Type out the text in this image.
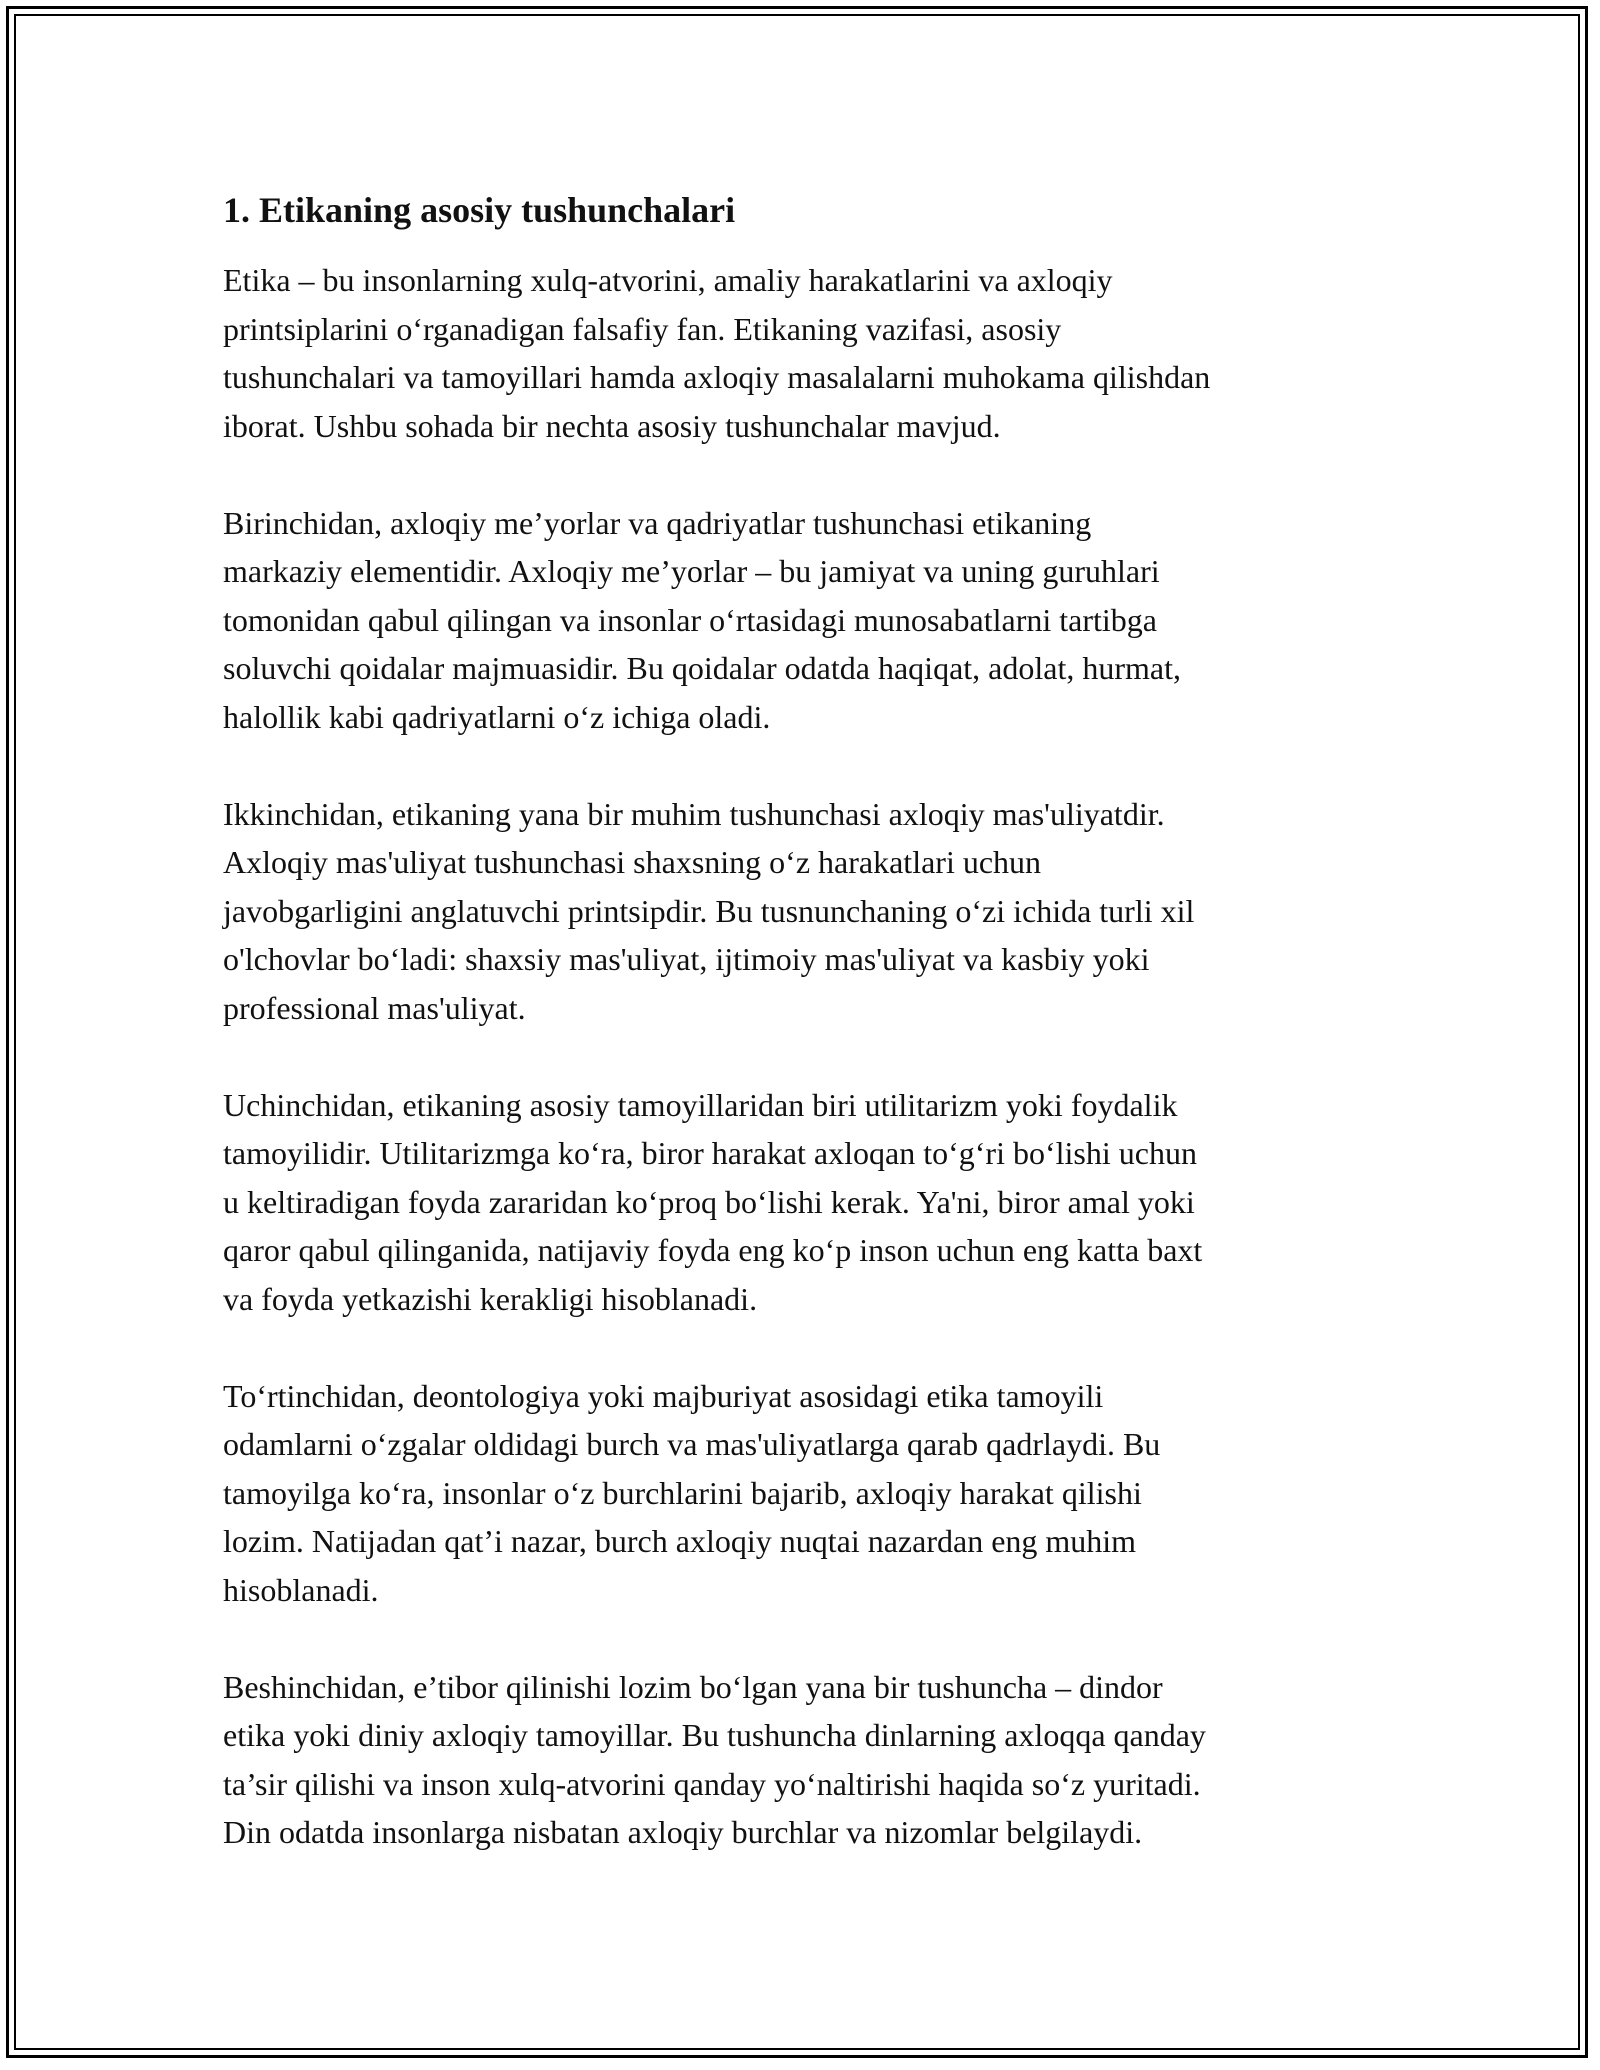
1. Etikaning asosiy tushunchalari
Etika – bu insonlarning xulq-atvorini, amaliy harakatlarini va axloqiy
printsiplarini o‘rganadigan falsafiy fan. Etikaning vazifasi, asosiy
tushunchalari va tamoyillari hamda axloqiy masalalarni muhokama qilishdan
iborat. Ushbu sohada bir nechta asosiy tushunchalar mavjud.
Birinchidan, axloqiy me’yorlar va qadriyatlar tushunchasi etikaning
markaziy elementidir. Axloqiy me’yorlar – bu jamiyat va uning guruhlari
tomonidan qabul qilingan va insonlar o‘rtasidagi munosabatlarni tartibga
soluvchi qoidalar majmuasidir. Bu qoidalar odatda haqiqat, adolat, hurmat,
halollik kabi qadriyatlarni o‘z ichiga oladi.
Ikkinchidan, etikaning yana bir muhim tushunchasi axloqiy mas'uliyatdir.
Axloqiy mas'uliyat tushunchasi shaxsning o‘z harakatlari uchun
javobgarligini anglatuvchi printsipdir. Bu tusnunchaning o‘zi ichida turli xil
o'lchovlar bo‘ladi: shaxsiy mas'uliyat, ijtimoiy mas'uliyat va kasbiy yoki
professional mas'uliyat.
Uchinchidan, etikaning asosiy tamoyillaridan biri utilitarizm yoki foydalik
tamoyilidir. Utilitarizmga ko‘ra, biror harakat axloqan to‘g‘ri bo‘lishi uchun
u keltiradigan foyda zararidan ko‘proq bo‘lishi kerak. Ya'ni, biror amal yoki
qaror qabul qilinganida, natijaviy foyda eng ko‘p inson uchun eng katta baxt
va foyda yetkazishi kerakligi hisoblanadi.
To‘rtinchidan, deontologiya yoki majburiyat asosidagi etika tamoyili
odamlarni o‘zgalar oldidagi burch va mas'uliyatlarga qarab qadrlaydi. Bu
tamoyilga ko‘ra, insonlar o‘z burchlarini bajarib, axloqiy harakat qilishi
lozim. Natijadan qat’i nazar, burch axloqiy nuqtai nazardan eng muhim
hisoblanadi.
Beshinchidan, e’tibor qilinishi lozim bo‘lgan yana bir tushuncha – dindor
etika yoki diniy axloqiy tamoyillar. Bu tushuncha dinlarning axloqqa qanday
ta’sir qilishi va inson xulq-atvorini qanday yo‘naltirishi haqida so‘z yuritadi.
Din odatda insonlarga nisbatan axloqiy burchlar va nizomlar belgilaydi.
